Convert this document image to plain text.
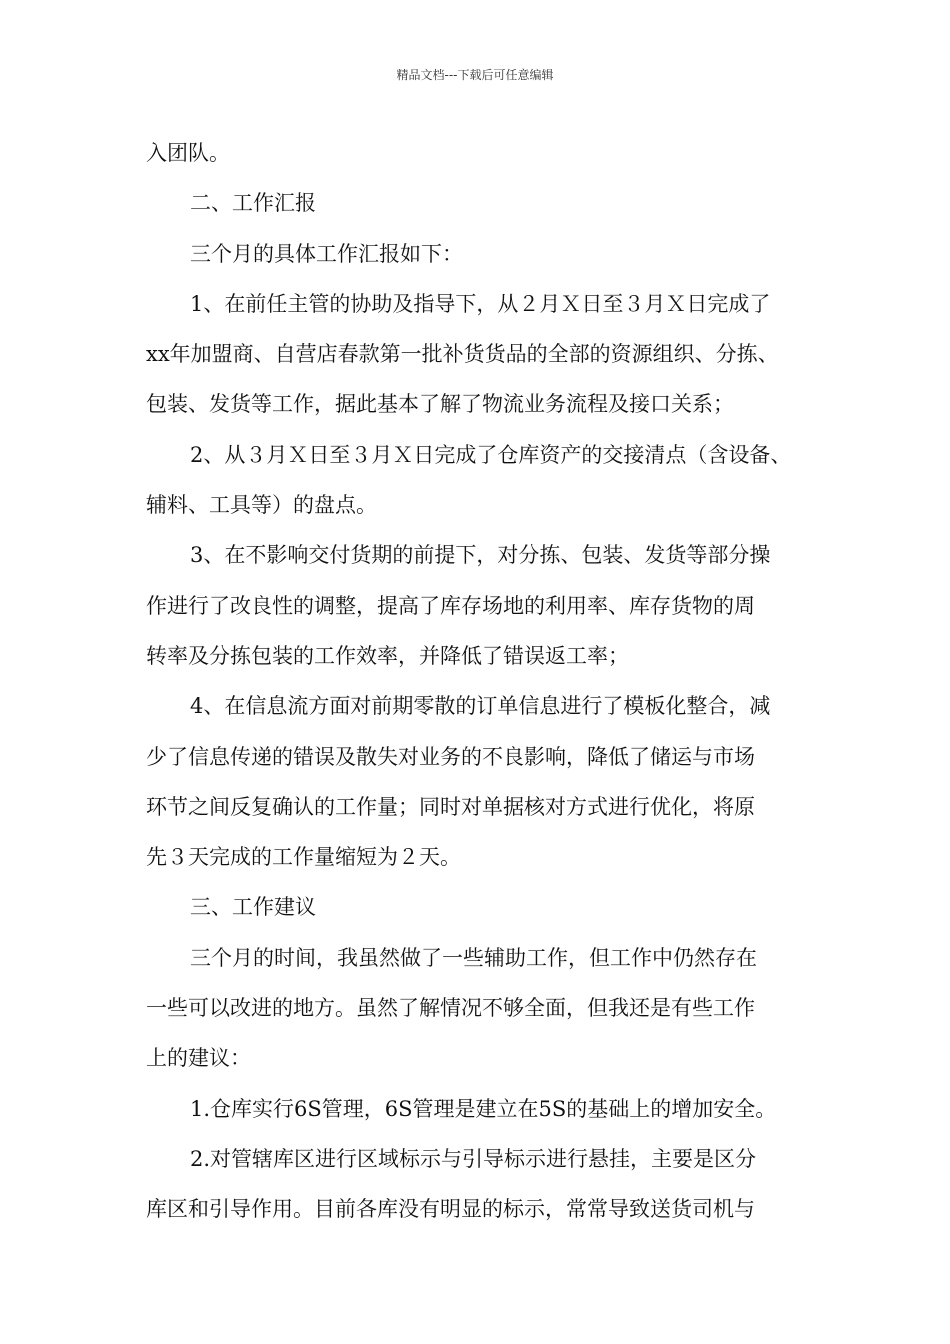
精品文档---下载后可任意编辑
入团队。
二、工作汇报
三个月的具体工作汇报如下：
1、在前任主管的协助及指导下，从２月Ｘ日至３月Ｘ日完成了
xx年加盟商、自营店春款第一批补货货品的全部的资源组织、分拣、
包装、发货等工作，据此基本了解了物流业务流程及接口关系；
2、从３月Ｘ日至３月Ｘ日完成了仓库资产的交接清点（含设备、
辅料、工具等）的盘点。
3、在不影响交付货期的前提下，对分拣、包装、发货等部分操
作进行了改良性的调整，提高了库存场地的利用率、库存货物的周
转率及分拣包装的工作效率，并降低了错误返工率；
4、在信息流方面对前期零散的订单信息进行了模板化整合，减
少了信息传递的错误及散失对业务的不良影响，降低了储运与市场
环节之间反复确认的工作量；同时对单据核对方式进行优化，将原
先３天完成的工作量缩短为２天。
三、工作建议
三个月的时间，我虽然做了一些辅助工作，但工作中仍然存在
一些可以改进的地方。虽然了解情况不够全面，但我还是有些工作
上的建议：
1.仓库实行6S管理，6S管理是建立在5S的基础上的增加安全。
2.对管辖库区进行区域标示与引导标示进行悬挂，主要是区分
库区和引导作用。目前各库没有明显的标示，常常导致送货司机与
